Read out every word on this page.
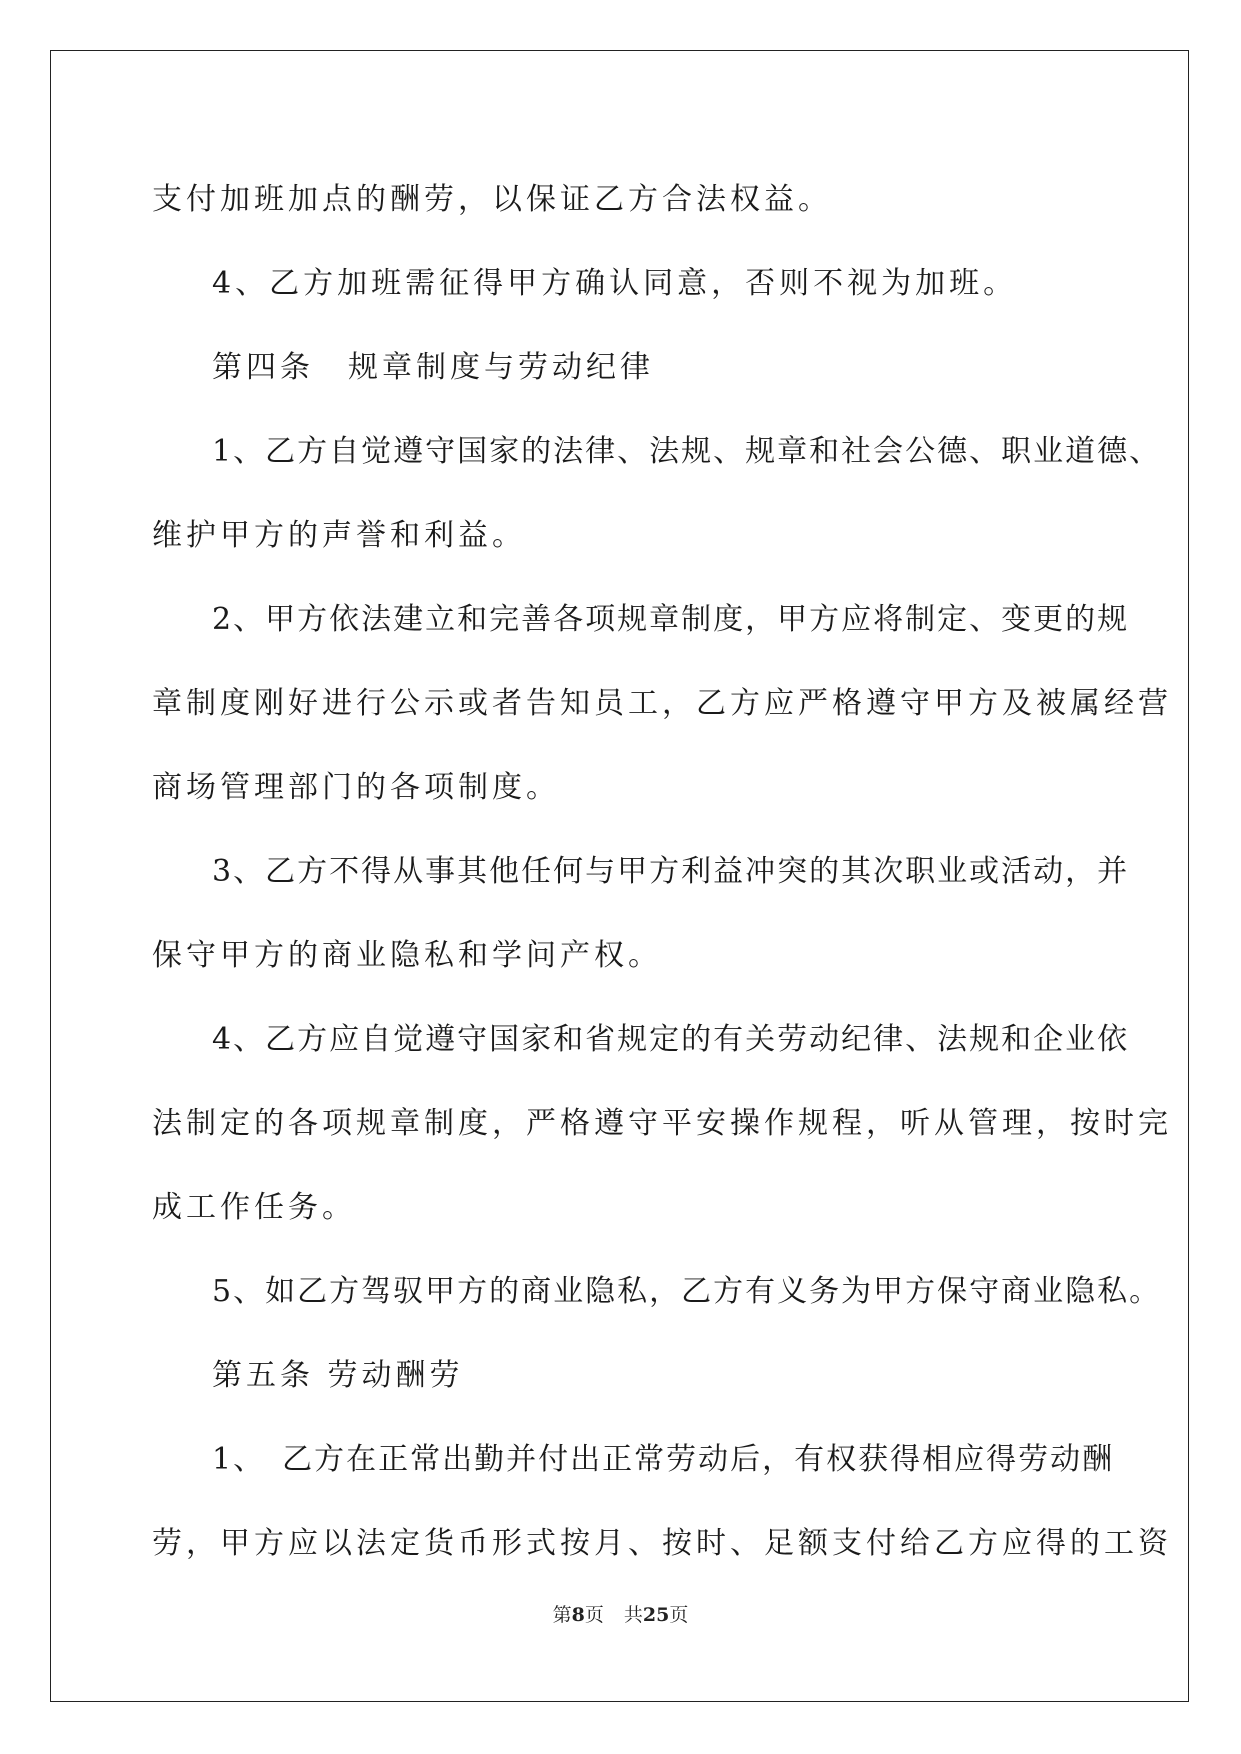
支付加班加点的酬劳，以保证乙方合法权益。
4、乙方加班需征得甲方确认同意，否则不视为加班。
第四条　规章制度与劳动纪律
1、乙方自觉遵守国家的法律、法规、规章和社会公德、职业道德、
维护甲方的声誉和利益。
2、甲方依法建立和完善各项规章制度，甲方应将制定、变更的规
章制度刚好进行公示或者告知员工，乙方应严格遵守甲方及被属经营
商场管理部门的各项制度。
3、乙方不得从事其他任何与甲方利益冲突的其次职业或活动，并
保守甲方的商业隐私和学问产权。
4、乙方应自觉遵守国家和省规定的有关劳动纪律、法规和企业依
法制定的各项规章制度，严格遵守平安操作规程，听从管理，按时完
成工作任务。
5、如乙方驾驭甲方的商业隐私，乙方有义务为甲方保守商业隐私。
第五条 劳动酬劳
1、　乙方在正常出勤并付出正常劳动后，有权获得相应得劳动酬
劳，甲方应以法定货币形式按月、按时、足额支付给乙方应得的工资
第8页 共25页
